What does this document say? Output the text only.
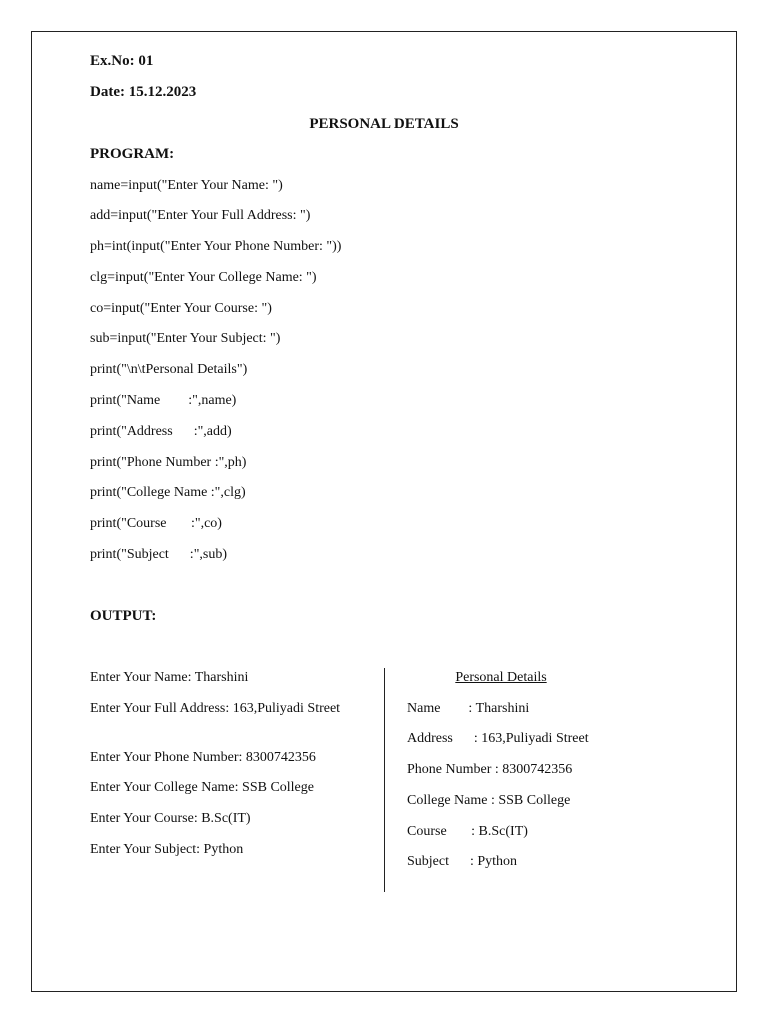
Ex.No: 01
Date: 15.12.2023
PERSONAL DETAILS
PROGRAM:
name=input("Enter Your Name: ")
add=input("Enter Your Full Address: ")
ph=int(input("Enter Your Phone Number: "))
clg=input("Enter Your College Name: ")
co=input("Enter Your Course: ")
sub=input("Enter Your Subject: ")
print("\n\tPersonal Details")
print("Name        :",name)
print("Address      :",add)
print("Phone Number :",ph)
print("College Name :",clg)
print("Course       :",co)
print("Subject      :",sub)
OUTPUT:
Enter Your Name: Tharshini
Enter Your Full Address: 163,Puliyadi Street
Enter Your Phone Number: 8300742356
Enter Your College Name: SSB College
Enter Your Course: B.Sc(IT)
Enter Your Subject: Python
Personal Details
Name        : Tharshini
Address      : 163,Puliyadi Street
Phone Number : 8300742356
College Name : SSB College
Course       : B.Sc(IT)
Subject      : Python
